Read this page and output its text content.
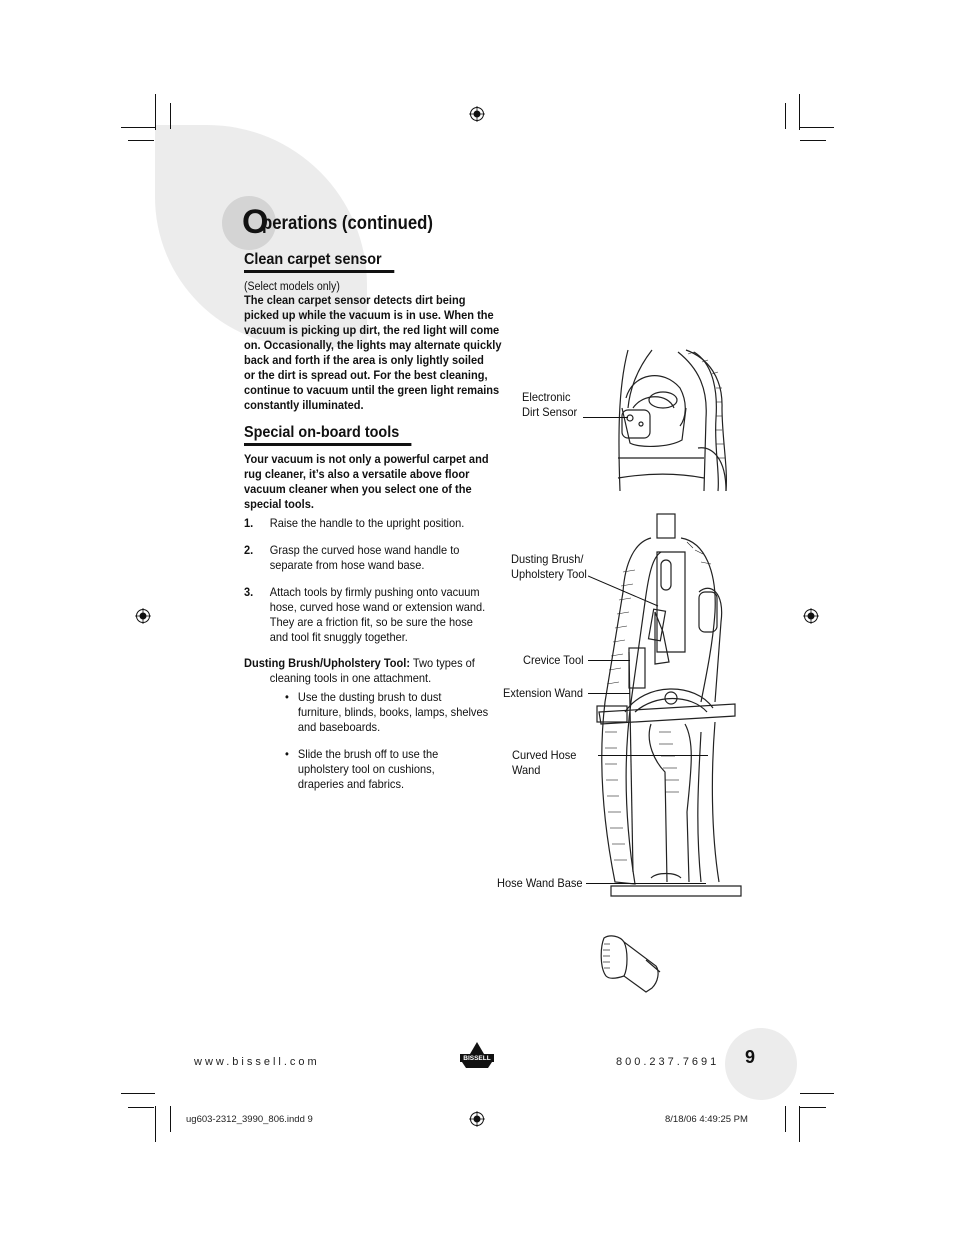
O
perations (continued)
Clean carpet sensor
(Select models only)
The clean carpet sensor detects dirt being
picked up while the vacuum is in use. When the
vacuum is picking up dirt, the red light will come
on. Occasionally, the lights may alternate quickly
back and forth if the area is only lightly soiled
or the dirt is spread out. For the best cleaning,
continue to vacuum until the green light remains
constantly illuminated.
Special on-board tools
Your vacuum is not only a powerful carpet and
rug cleaner, it’s also a versatile above floor
vacuum cleaner when you select one of the
special tools.
1. Raise the handle to the upright position.
2. Grasp the curved hose wand handle to
separate from hose wand base.
3. Attach tools by firmly pushing onto vacuum
hose, curved hose wand or extension wand.
They are a friction fit, so be sure the hose
and tool fit snuggly together.
Dusting Brush/Upholstery Tool: Two types of
cleaning tools in one attachment.
• Use the dusting brush to dust
furniture, blinds, books, lamps, shelves
and baseboards.
• Slide the brush off to use the
upholstery tool on cushions,
draperies and fabrics.
Electronic
Dirt Sensor
Dusting Brush/
Upholstery Tool
Crevice Tool
Extension Wand
Curved Hose
Wand
Hose Wand Base
www.bissell.com	BISSELL	800.237.7691 9
ug603-2312_3990_806.indd 9	8/18/06 4:49:25 PM
